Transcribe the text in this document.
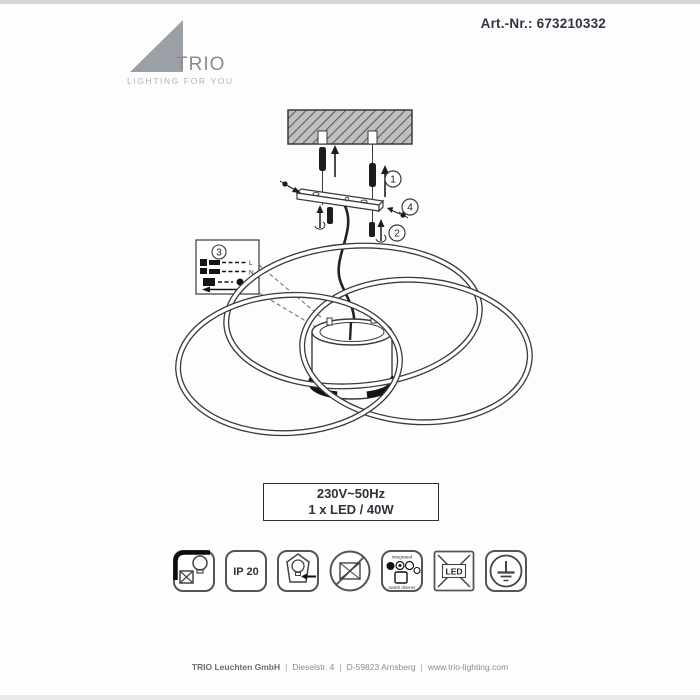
Art.-Nr.: 673210332
TRIO
LIGHTING FOR YOU
3
L
N
1
2
4
230V~50Hz
1 x LED / 40W
IP 20
integrated
switch dimmer
LED
TRIO Leuchten GmbH | Dieselstr. 4 | D-59823 Arnsberg | www.trio-lighting.com
